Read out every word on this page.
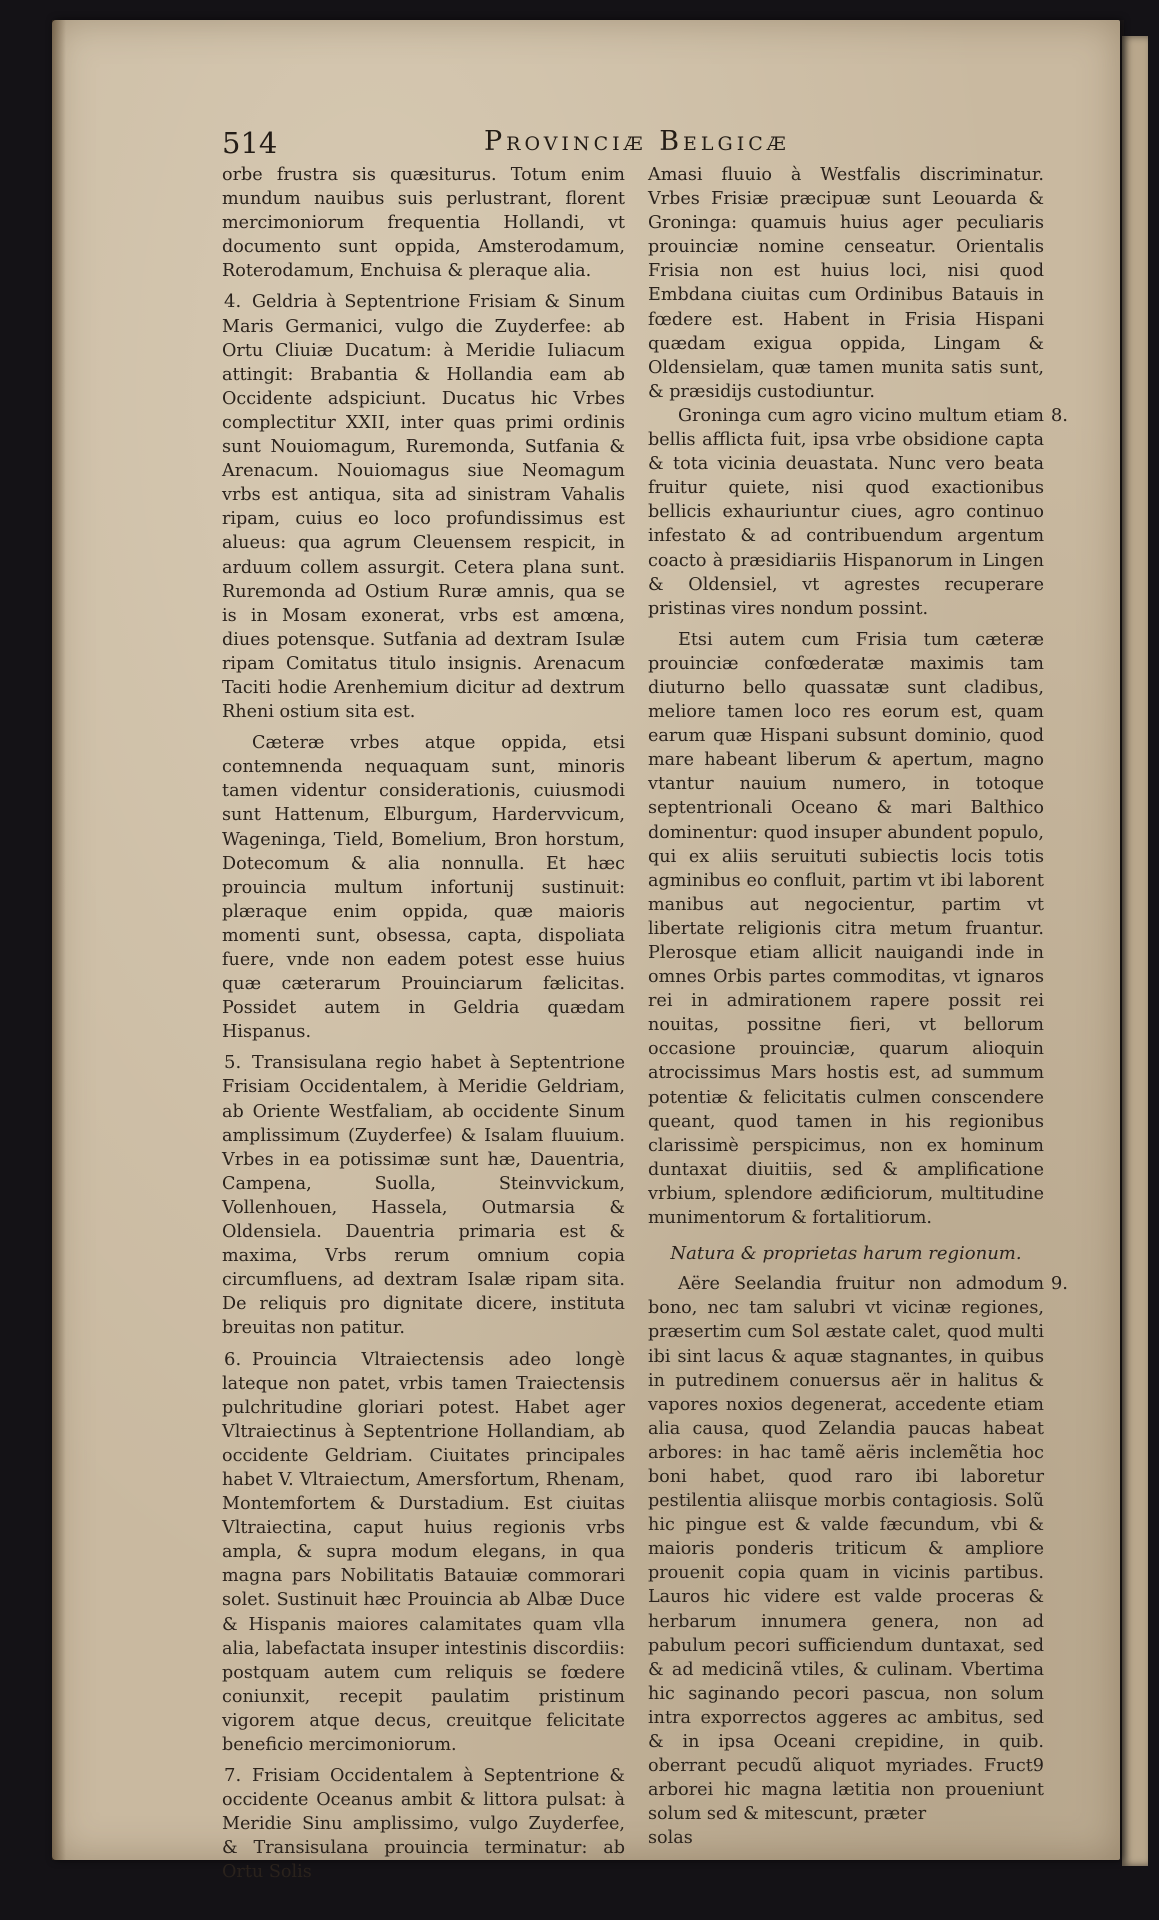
514	Provinciæ Belgicæ

orbe frustra sis quæsiturus. Totum enim mundum nauibus suis perlustrant, florent mercimoniorum frequentia Hollandi, vt documento sunt oppida, Amsterodamum, Roterodamum, Enchuisa & pleraque alia.

4. Geldria à Septentrione Frisiam & Sinum Maris Germanici, vulgo die Zuyderfee: ab Ortu Cliuiæ Ducatum: à Meridie Iuliacum attingit: Brabantia & Hollandia eam ab Occidente adspiciunt. Ducatus hic Vrbes complectitur XXII, inter quas primi ordinis sunt Nouiomagum, Ruremonda, Sutfania & Arenacum. Nouiomagus siue Neomagum vrbs est antiqua, sita ad sinistram Vahalis ripam, cuius eo loco profundissimus est alueus: qua agrum Cleuensem respicit, in arduum collem assurgit. Cetera plana sunt. Ruremonda ad Ostium Ruræ amnis, qua se is in Mosam exonerat, vrbs est amœna, diues potensque. Sutfania ad dextram Isulæ ripam Comitatus titulo insignis. Arenacum Taciti hodie Arenhemium dicitur ad dextrum Rheni ostium sita est.

Cæteræ vrbes atque oppida, etsi contemnenda nequaquam sunt, minoris tamen videntur considerationis, cuiusmodi sunt Hattenum, Elburgum, Hardervvicum, Wageninga, Tield, Bomelium, Bron horstum, Dotecomum & alia nonnulla. Et hæc prouincia multum infortunij sustinuit: plæraque enim oppida, quæ maioris momenti sunt, obsessa, capta, dispoliata fuere, vnde non eadem potest esse huius quæ cæterarum Prouinciarum fælicitas. Possidet autem in Geldria quædam Hispanus.

5. Transisulana regio habet à Septentrione Frisiam Occidentalem, à Meridie Geldriam, ab Oriente Westfaliam, ab occidente Sinum amplissimum (Zuyderfee) & Isalam fluuium. Vrbes in ea potissimæ sunt hæ, Dauentria, Campena, Suolla, Steinvvickum, Vollenhouen, Hassela, Outmarsia & Oldensiela. Dauentria primaria est & maxima, Vrbs rerum omnium copia circumfluens, ad dextram Isalæ ripam sita. De reliquis pro dignitate dicere, instituta breuitas non patitur.

6. Prouincia Vltraiectensis adeo longè lateque non patet, vrbis tamen Traiectensis pulchritudine gloriari potest. Habet ager Vltraiectinus à Septentrione Hollandiam, ab occidente Geldriam. Ciuitates principales habet V. Vltraiectum, Amersfortum, Rhenam, Montemfortem & Durstadium. Est ciuitas Vltraiectina, caput huius regionis vrbs ampla, & supra modum elegans, in qua magna pars Nobilitatis Batauiæ commorari solet. Sustinuit hæc Prouincia ab Albæ Duce & Hispanis maiores calamitates quam vlla alia, labefactata insuper intestinis discordiis: postquam autem cum reliquis se fœdere coniunxit, recepit paulatim pristinum vigorem atque decus, creuitque felicitate beneficio mercimoniorum.

7. Frisiam Occidentalem à Septentrione & occidente Oceanus ambit & littora pulsat: à Meridie Sinu amplissimo, vulgo Zuyderfee, & Transisulana prouincia terminatur: ab Ortu Solis

Amasi fluuio à Westfalis discriminatur. Vrbes Frisiæ præcipuæ sunt Leouarda & Groninga: quamuis huius ager peculiaris prouinciæ nomine censeatur. Orientalis Frisia non est huius loci, nisi quod Embdana ciuitas cum Ordinibus Batauis in fœdere est. Habent in Frisia Hispani quædam exigua oppida, Lingam & Oldensielam, quæ tamen munita satis sunt, & præsidijs custodiuntur.

8.
Groninga cum agro vicino multum etiam bellis afflicta fuit, ipsa vrbe obsidione capta & tota vicinia deuastata. Nunc vero beata fruitur quiete, nisi quod exactionibus bellicis exhauriuntur ciues, agro continuo infestato & ad contribuendum argentum coacto à præsidiariis Hispanorum in Lingen & Oldensiel, vt agrestes recuperare pristinas vires nondum possint.

Etsi autem cum Frisia tum cæteræ prouinciæ confœderatæ maximis tam diuturno bello quassatæ sunt cladibus, meliore tamen loco res eorum est, quam earum quæ Hispani subsunt dominio, quod mare habeant liberum & apertum, magno vtantur nauium numero, in totoque septentrionali Oceano & mari Balthico dominentur: quod insuper abundent populo, qui ex aliis seruituti subiectis locis totis agminibus eo confluit, partim vt ibi laborent manibus aut negocientur, partim vt libertate religionis citra metum fruantur. Plerosque etiam allicit nauigandi inde in omnes Orbis partes commoditas, vt ignaros rei in admirationem rapere possit rei nouitas, possitne fieri, vt bellorum occasione prouinciæ, quarum alioquin atrocissimus Mars hostis est, ad summum potentiæ & felicitatis culmen conscendere queant, quod tamen in his regionibus clarissimè perspicimus, non ex hominum duntaxat diuitiis, sed & amplificatione vrbium, splendore ædificiorum, multitudine munimentorum & fortalitiorum.

Natura & proprietas harum regionum.

9.
Aëre Seelandia fruitur non admodum bono, nec tam salubri vt vicinæ regiones, præsertim cum Sol æstate calet, quod multi ibi sint lacus & aquæ stagnantes, in quibus in putredinem conuersus aër in halitus & vapores noxios degenerat, accedente etiam alia causa, quod Zelandia paucas habeat arbores: in hac tamẽ aëris inclemẽtia hoc boni habet, quod raro ibi laboretur pestilentia aliisque morbis contagiosis. Solũ hic pingue est & valde fæcundum, vbi & maioris ponderis triticum & ampliore prouenit copia quam in vicinis partibus. Lauros hic videre est valde proceras & herbarum innumera genera, non ad pabulum pecori sufficiendum duntaxat, sed & ad medicinã vtiles, & culinam. Vbertima hic saginando pecori pascua, non solum intra exporrectos aggeres ac ambitus, sed & in ipsa Oceani crepidine, in quib. oberrant pecudũ aliquot myriades. Fruct9 arborei hic magna lætitia non proueniunt solum sed & mitescunt, præter

solas
